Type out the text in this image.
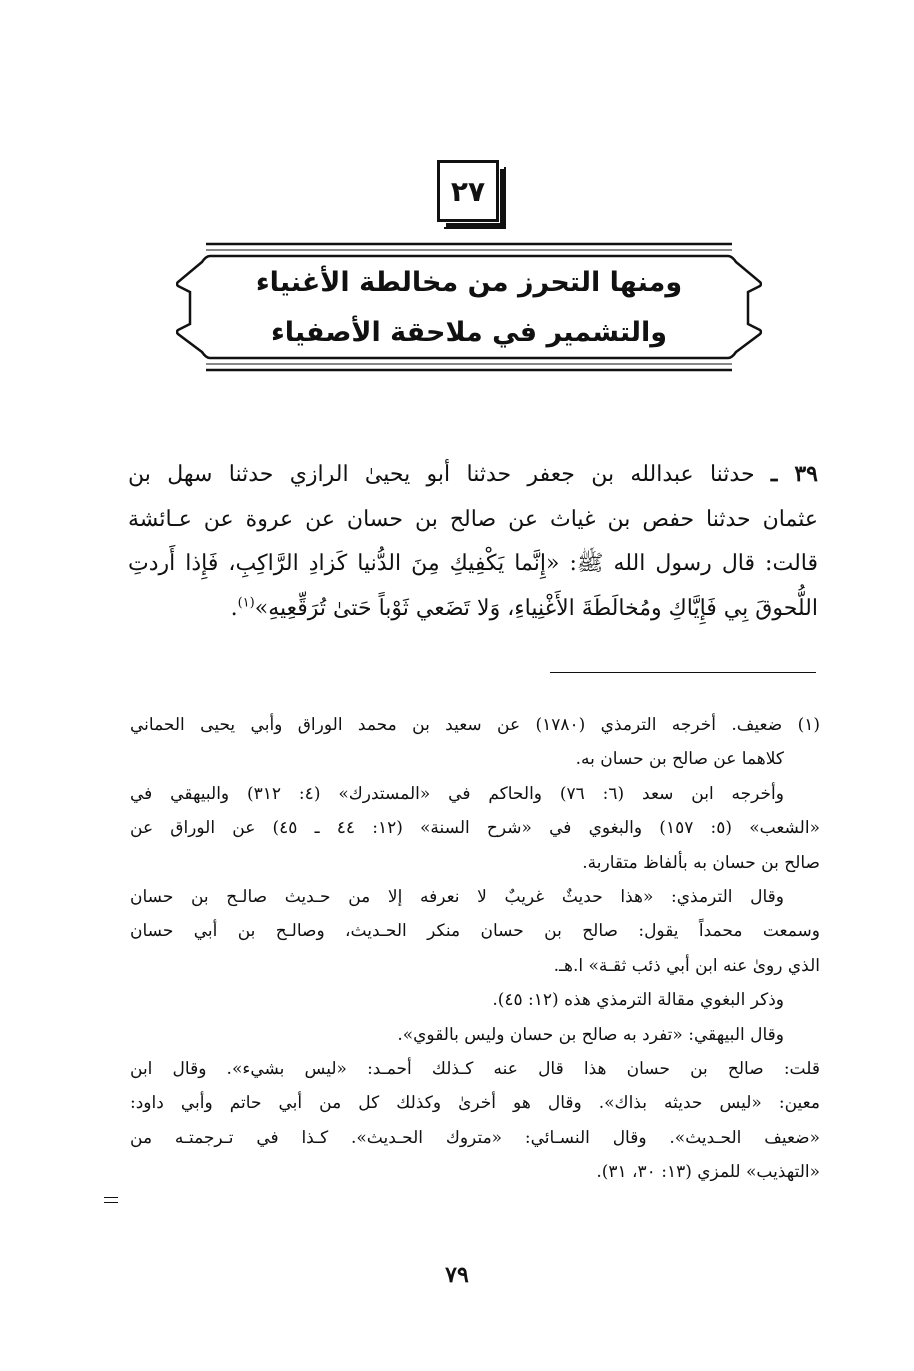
٢٧
ومنها التحرز من مخالطة الأغنياء
والتشمير في ملاحقة الأصفياء
٣٩ ـ حدثنا عبدالله بن جعفر حدثنا أبو يحيىٰ الرازي حدثنا سهل بن
عثمان حدثنا حفص بن غياث عن صالح بن حسان عن عروة عن عـائشة
قالت: قال رسول الله ﷺ: «إِنَّما يَكْفِيكِ مِنَ الدُّنيا كَزادِ الرَّاكِبِ، فَإِذا أَردتِ
اللُّحوقَ بِي فَإِيَّاكِ ومُخالَطَةَ الأَغْنِياءِ، وَلا تَضَعي ثَوْباً حَتىٰ تُرَقِّعِيهِ»$^{(١)}$.
(١) ضعيف. أخرجه الترمذي (١٧٨٠) عن سعيد بن محمد الوراق وأبي يحيى الحماني
كلاهما عن صالح بن حسان به.
وأخرجه ابن سعد (٦: ٧٦) والحاكم في «المستدرك» (٤: ٣١٢) والبيهقي في
«الشعب» (٥: ١٥٧) والبغوي في «شرح السنة» (١٢: ٤٤ ـ ٤٥) عن الوراق عن
صالح بن حسان به بألفاظ متقاربة.
وقال الترمذي: «هذا حديثٌ غريبٌ لا نعرفه إلا من حـديث صالـح بن حسان
وسمعت محمداً يقول: صالح بن حسان منكر الحـديث، وصالـح بن أبي حسان
الذي روىٰ عنه ابن أبي ذئب ثقـة» ا.هـ.
وذكر البغوي مقالة الترمذي هذه (١٢: ٤٥).
وقال البيهقي: «تفرد به صالح بن حسان وليس بالقوي».
قلت: صالح بن حسان هذا قال عنه كـذلك أحمـد: «ليس بشيء». وقال ابن
معين: «ليس حديثه بذاك». وقال هو أخرىٰ وكذلك كل من أبي حاتم وأبي داود:
«ضعيف الحـديث». وقال النسـائي: «متروك الحـديث». كـذا في تـرجمتـه من
«التهذيب» للمزي (١٣: ٣٠، ٣١).
٧٩
